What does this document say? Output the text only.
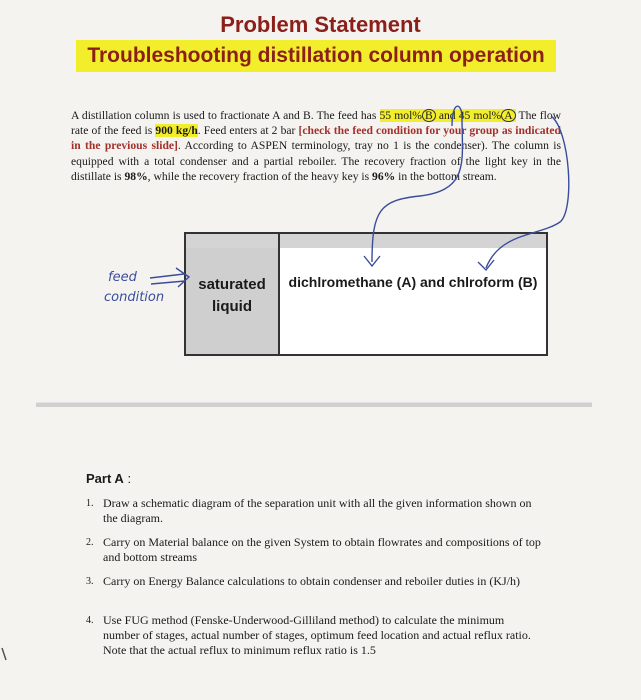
Problem Statement
Troubleshooting distillation column operation
A distillation column is used to fractionate A and B. The feed has 55 mol% B and 45 mol% A The flow rate of the feed is 900 kg/h. Feed enters at 2 bar [check the feed condition for your group as indicated in the previous slide]. According to ASPEN terminology, tray no 1 is the condenser). The column is equipped with a total condenser and a partial reboiler. The recovery fraction of the light key in the distillate is 98%, while the recovery fraction of the heavy key is 96% in the bottom stream.
saturated liquid
dichlromethane (A) and chlroform (B)
feed
condition
Part A :
1. Draw a schematic diagram of the separation unit with all the given information shown on the diagram.
2. Carry on Material balance on the given System to obtain flowrates and compositions of top and bottom streams
3. Carry on Energy Balance calculations to obtain condenser and reboiler duties in (KJ/h)
4. Use FUG method (Fenske-Underwood-Gilliland method) to calculate the minimum number of stages, actual number of stages, optimum feed location and actual reflux ratio. Note that the actual reflux to minimum reflux ratio is 1.5
